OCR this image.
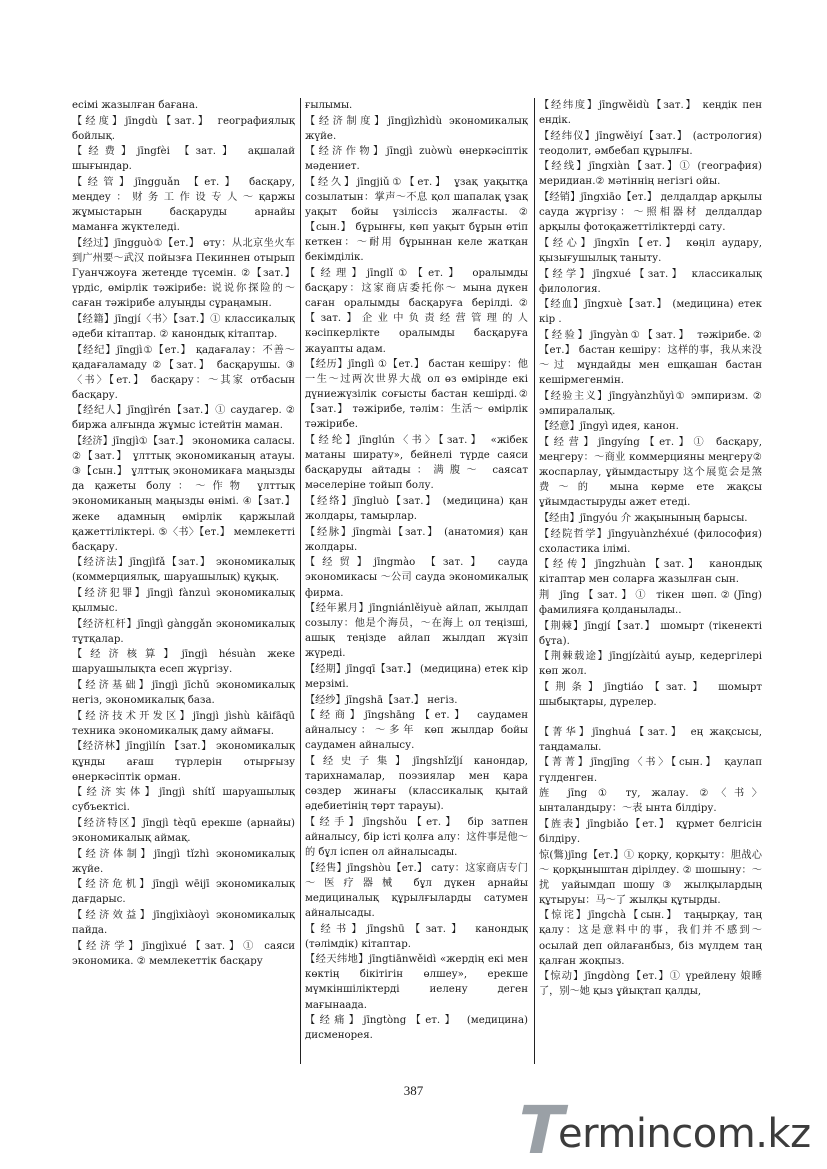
есімі жазылған бағана.
【经度】jīngdù【зат.】 географиялық бойлық.
【经费】jīngfèi 【зат.】 ақшалай шығындар.
【经管】jīngguǎn 【ет.】 басқару, меңдеу：财务工作设专人～қаржы жұмыстарын басқаруды арнайы маманға жүктеледі.
【经过】jīngguò①【ет.】 өту：从北京坐火车到广州要～武汉 пойызға Пекиннен отырып Гуанчжоуға жетеңде түсемін. ②【зат.】 үрдіс, өмірлік тәжірибе: 说说你探险的～ саған тәжірибе алуыңды сұраңамын.
【经籍】jīngjí〈书〉【зат.】① классикалық әдеби кітаптар. ② канондық кітаптар.
【经纪】jīngjì①【ет.】 қадағалау：不善～ қадағаламаду ②【зат.】 басқарушы. ③〈书〉【ет.】 басқару：～其家 отбасын басқару.
【经纪人】jīngjìrén【зат.】① саудагер. ② биржа алғында жұмыс істейтін маман.
【经济】jīngjì①【зат.】 экономика саласы. ②【зат.】 ұлттық экономиканың атауы. ③【сын.】 ұлттық экономикаға маңызды да қажеты болу：～作物 ұлттық экономиканың маңызды өнімі. ④【зат.】 жеке адамның өмірлік қаржылай қажеттіліктері. ⑤〈书〉【ет.】 мемлекетті басқару.
【经济法】jīngjìfǎ【зат.】 экономикалық (коммерциялық, шаруашылық) құқық.
【经济犯罪】jīngjì fànzuì экономикалық қылмыс.
【经济杠杆】jīngjì gànggǎn экономикалық тұтқалар.
【经济核算】jīngjì hésuàn жеке шаруашылықта есеп жүргізу.
【经济基础】jīngjì jīchǔ экономикалық негіз, экономикалық база.
【经济技术开发区】jīngjì jìshù kāifāqū техника экономикалық даму аймағы.
【经济林】jīngjìlín 【зат.】 экономикалық құнды ағаш түрлерін отырғызу өнеркәсіптік орман.
【经济实体】jīngjì shítǐ шаруашылық субъектісі.
【经济特区】jīngjì tèqū ерекше (арнайы) экономикалық аймақ.
【经济体制】jīngjì tǐzhì экономикалық жүйе.
【经济危机】jīngjì wēijī экономикалық дағдарыс.
【经济效益】jīngjìxiàoyì экономикалық пайда.
【经济学】jīngjìxué【зат.】① саяси экономика. ② мемлекеттік басқару
ғылымы.
【经济制度】jīngjìzhìdù экономикалық жүйе.
【经济作物】jīngjì zuòwù өнеркәсіптік мәдениет.
【经久】jīngjiǔ①【ет.】 ұзақ уақытқа созылатын：掌声～不息 қол шапалақ ұзақ уақыт бойы үзіліссіз жалғасты.② 【сын.】 бұрынғы, көп уақыт бұрын өтіп кеткен：～耐用 бұрыннан келе жатқан бекімділік.
【经理】jīnglǐ①【ет.】 оралымды басқару：这家商店委托你～ мына дүкен саған оралымды басқаруға берілді.②【зат.】企业中负责经营管理的人 кәсіпкерлікте оралымды басқаруға жауапты адам.
【经历】jīnglì ①【ет.】 бастан кешіру：他一生～过两次世界大战 ол өз өмірінде екі дүниежүзілік соғысты бастан кешірді.②【зат.】 тәжірибе, тәлім：生活～ өмірлік тәжірибе.
【经纶】jīnglún〈书〉【зат.】 «жібек матаны ширату», бейнелі түрде саяси басқаруды айтады：满腹～ саясат мәселеріне тойып болу.
【经络】jīngluò【зат.】 (медицина) қан жолдары, тамырлар.
【经脉】jīngmài【зат.】 (анатомия) қан жолдары.
【经贸】jīngmào 【зат.】 сауда экономикасы ～公司 сауда экономикалық фирма.
【经年累月】jīngniánlěiyuè айлап, жылдап созылу：他是个海员，～在海上 ол теңізші, ашық теңізде айлап жылдап жүзіп жүреді.
【经期】jīngqī【зат.】 (медицина) етек кір мерзімі.
【经纱】jīngshā【зат.】 негіз.
【经商】jīngshāng【ет.】 саудамен айналысу：～多年 көп жылдар бойы саудамен айналысу.
【经史子集】jīngshǐzǐjí канондар, тарихнамалар, поэзиялар мен қара сөздер жинағы (классикалық қытай әдебиетінің төрт тарауы).
【经手】jīngshǒu【ет.】 бір затпен айналысу, бір істі қолға алу：这件事是他～的 бұл іспен ол айналысады.
【经售】jīngshòu【ет.】 сату：这家商店专门～医疗器械 бұл дүкен арнайы медициналық құрылғыларды сатумен айналысады.
【经书】jīngshū【зат.】 канондық (тәлімдік) кітаптар.
【经天纬地】jīngtiānwěidì «жердің екі мен көктің бікітігін өлшеу», ерекше мүмкіншіліктерді иелену деген мағынаада.
【经痛】jīngtòng【ет.】 (медицина) дисменорея.
【经纬度】jīngwěidù【зат.】 кеңдік пен ендік.
【经纬仪】jīngwěiyí【зат.】 (астрология) теодолит, әмбебап құрылғы.
【经线】jīngxiàn【зат.】① (география) меридиан.② мәтіннің негізгі ойы.
【经销】jīngxiāo【ет.】 делдалдар арқылы сауда жүргізу：～照相器材 делдалдар арқылы фотоқажеттіліктерді сату.
【经心】jīngxīn【ет.】 көңіл аудару, қызығушылық таныту.
【经学】jīngxué【зат.】 классикалық филология.
【经血】jīngxuè【зат.】 (медицина) етек кір .
【经验】jīngyàn①【зат.】 тәжірибе.② 【ет.】 бастан кешіру：这样的事，我从来没～过 мұндайды мен ешқашан бастан кешірмегенмін.
【经验主义】jīngyànzhǔyì① эмпиризм. ② эмпиралалық.
【经意】jīngyì идея, канон.
【经营】jīngyíng【ет.】① басқару, меңгеру：～商业 коммерцияны меңгеру② жоспарлау, ұйымдастыру 这个展览会是煞费～的 мына көрме ете жақсы ұйымдастыруды ажет етеді.
【经由】jīngyóu 介 жақынының барысы.
【经院哲学】jīngyuànzhéxué (философия) схоластика ілімі.
【经传】jīngzhuàn【зат.】 канондық кітаптар мен соларға жазылған сын.
荆 jīng【зат.】① тікен шөп.②(Jīng) фамилияға қолданылады..
【荆棘】jīngjí【зат.】 шомырт (тікенекті бұта).
【荆棘载途】jīngjízàitú ауыр, кедергілері көп жол.
【荆条】jīngtiáo【зат.】 шомырт шыбықтары, дүрелер.
【菁华】jīnghuá【зат.】 ең жақсысы, таңдамалы.
【菁菁】jīngjīng〈书〉【сын.】 қаулап гүлденген.
旌 jīng ① ту, жалау. ②〈书〉 ынталандыру：～表 ынта білдіру.
【旌表】jīngbiǎo【ет.】 құрмет белгісін білдіру.
惊(鷩)jīng【ет.】① қорқу, қорқыту：胆战心～ қорқыныштан дірілдеу. ② шошыну：～扰 уайымдап шошу ③ жылқылардың құтыруы：马～了 жылқы құтырды.
【惊诧】jīngchà【сын.】 таңырқау, таң қалу：这是意料中的事，我们并不感到～ осылай деп ойлағанбыз, біз мүлдем таң қалған жоқпыз.
【惊动】jīngdòng【ет.】① үрейлену 娘睡了，别～她 қыз ұйықтап қалды,
387
T
ermincom.kz
